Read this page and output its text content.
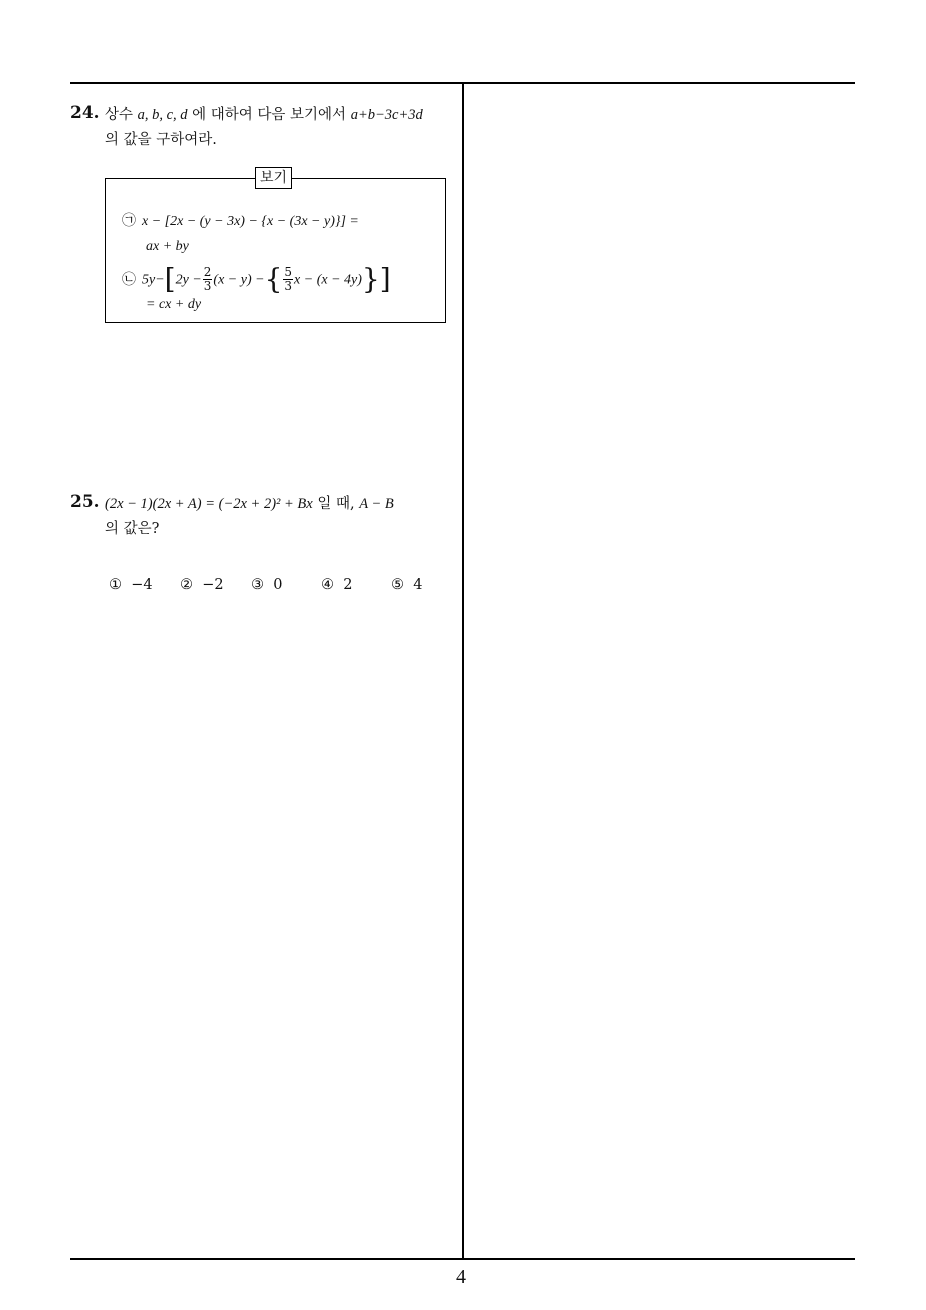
24. 상수 a, b, c, d 에 대하여 다음 보기에서 a+b−3c+3d
의 값을 구하여라.
보기
㉠ x − [2x − (y − 3x) − {x − (3x − y)}] =
ax + by
㉡ $5y-[2y - \frac{2}{3} (x - y)$ −{ $\frac{5}{3}$ x − (x − 4y)}]
= cx + dy
25. (2x − 1)(2x + A) = (−2x + 2)² + Bx 일 때, A − B
의 값은?
① −4 ② −2 ③ 0	④ 2	⑤ 4
4
